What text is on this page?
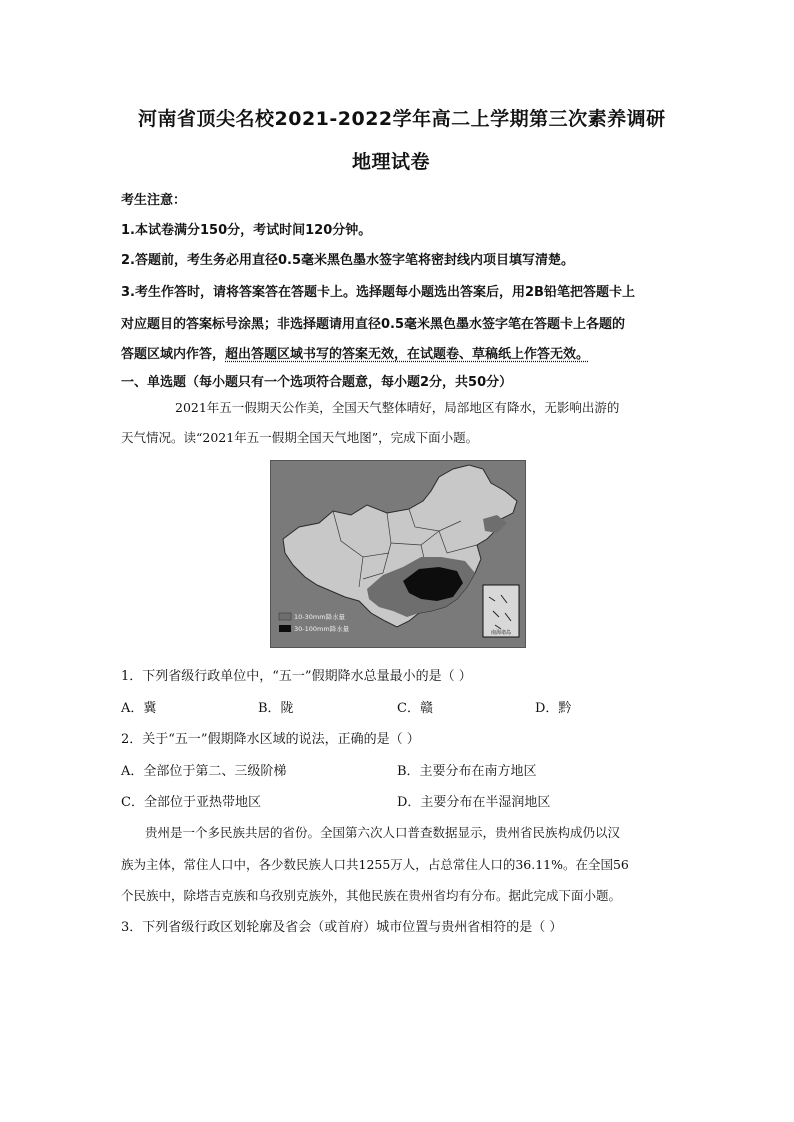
河南省顶尖名校2021-2022学年高二上学期第三次素养调研
地理试卷
考生注意：
1.本试卷满分150分，考试时间120分钟。
2.答题前，考生务必用直径0.5毫米黑色墨水签字笔将密封线内项目填写清楚。
3.考生作答时，请将答案答在答题卡上。选择题每小题选出答案后，用2B铅笔把答题卡上
对应题目的答案标号涂黑；非选择题请用直径0.5毫米黑色墨水签字笔在答题卡上各题的
答题区域内作答，超出答题区域书写的答案无效，在试题卷、草稿纸上作答无效。
一、单选题（每小题只有一个选项符合题意，每小题2分，共50分）
2021年五一假期天公作美，全国天气整体晴好，局部地区有降水，无影响出游的
天气情况。读“2021年五一假期全国天气地图”，完成下面小题。
南海诸岛
10-30mm降水量
30-100mm降水量
1．下列省级行政单位中，“五一”假期降水总量最小的是（ ）
A．冀	B．陇	C．赣	D．黔
2．关于“五一”假期降水区域的说法，正确的是（ ）
A．全部位于第二、三级阶梯	B．主要分布在南方地区
C．全部位于亚热带地区	D．主要分布在半湿润地区
贵州是一个多民族共居的省份。全国第六次人口普查数据显示，贵州省民族构成仍以汉
族为主体，常住人口中，各少数民族人口共1255万人，占总常住人口的36.11%。在全国56
个民族中，除塔吉克族和乌孜别克族外，其他民族在贵州省均有分布。据此完成下面小题。
3．下列省级行政区划轮廓及省会（或首府）城市位置与贵州省相符的是（ ）
